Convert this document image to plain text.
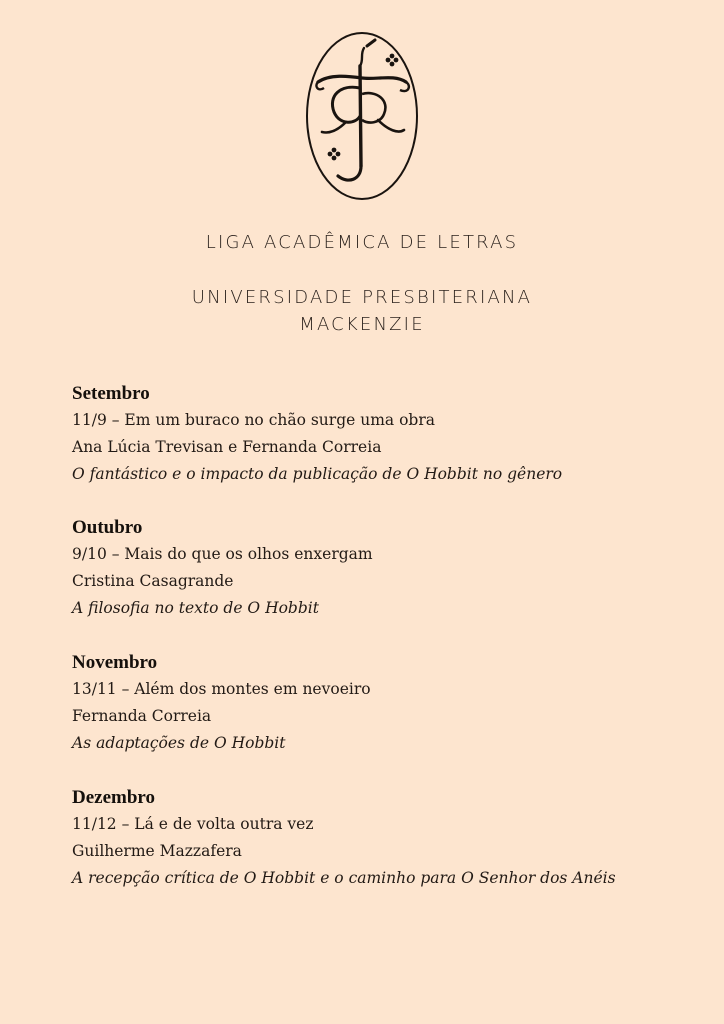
LIGA ACADÊMICA DE LETRAS
UNIVERSIDADE PRESBITERIANA
MACKENZIE

Setembro

11/9 – Em um buraco no chão surge uma obra

Ana Lúcia Trevisan e Fernanda Correia

O fantástico e o impacto da publicação de O Hobbit no gênero

Outubro

9/10 – Mais do que os olhos enxergam

Cristina Casagrande

A filosofia no texto de O Hobbit

Novembro

13/11 – Além dos montes em nevoeiro

Fernanda Correia

As adaptações de O Hobbit

Dezembro

11/12 – Lá e de volta outra vez

Guilherme Mazzafera

A recepção crítica de O Hobbit e o caminho para O Senhor dos Anéis
